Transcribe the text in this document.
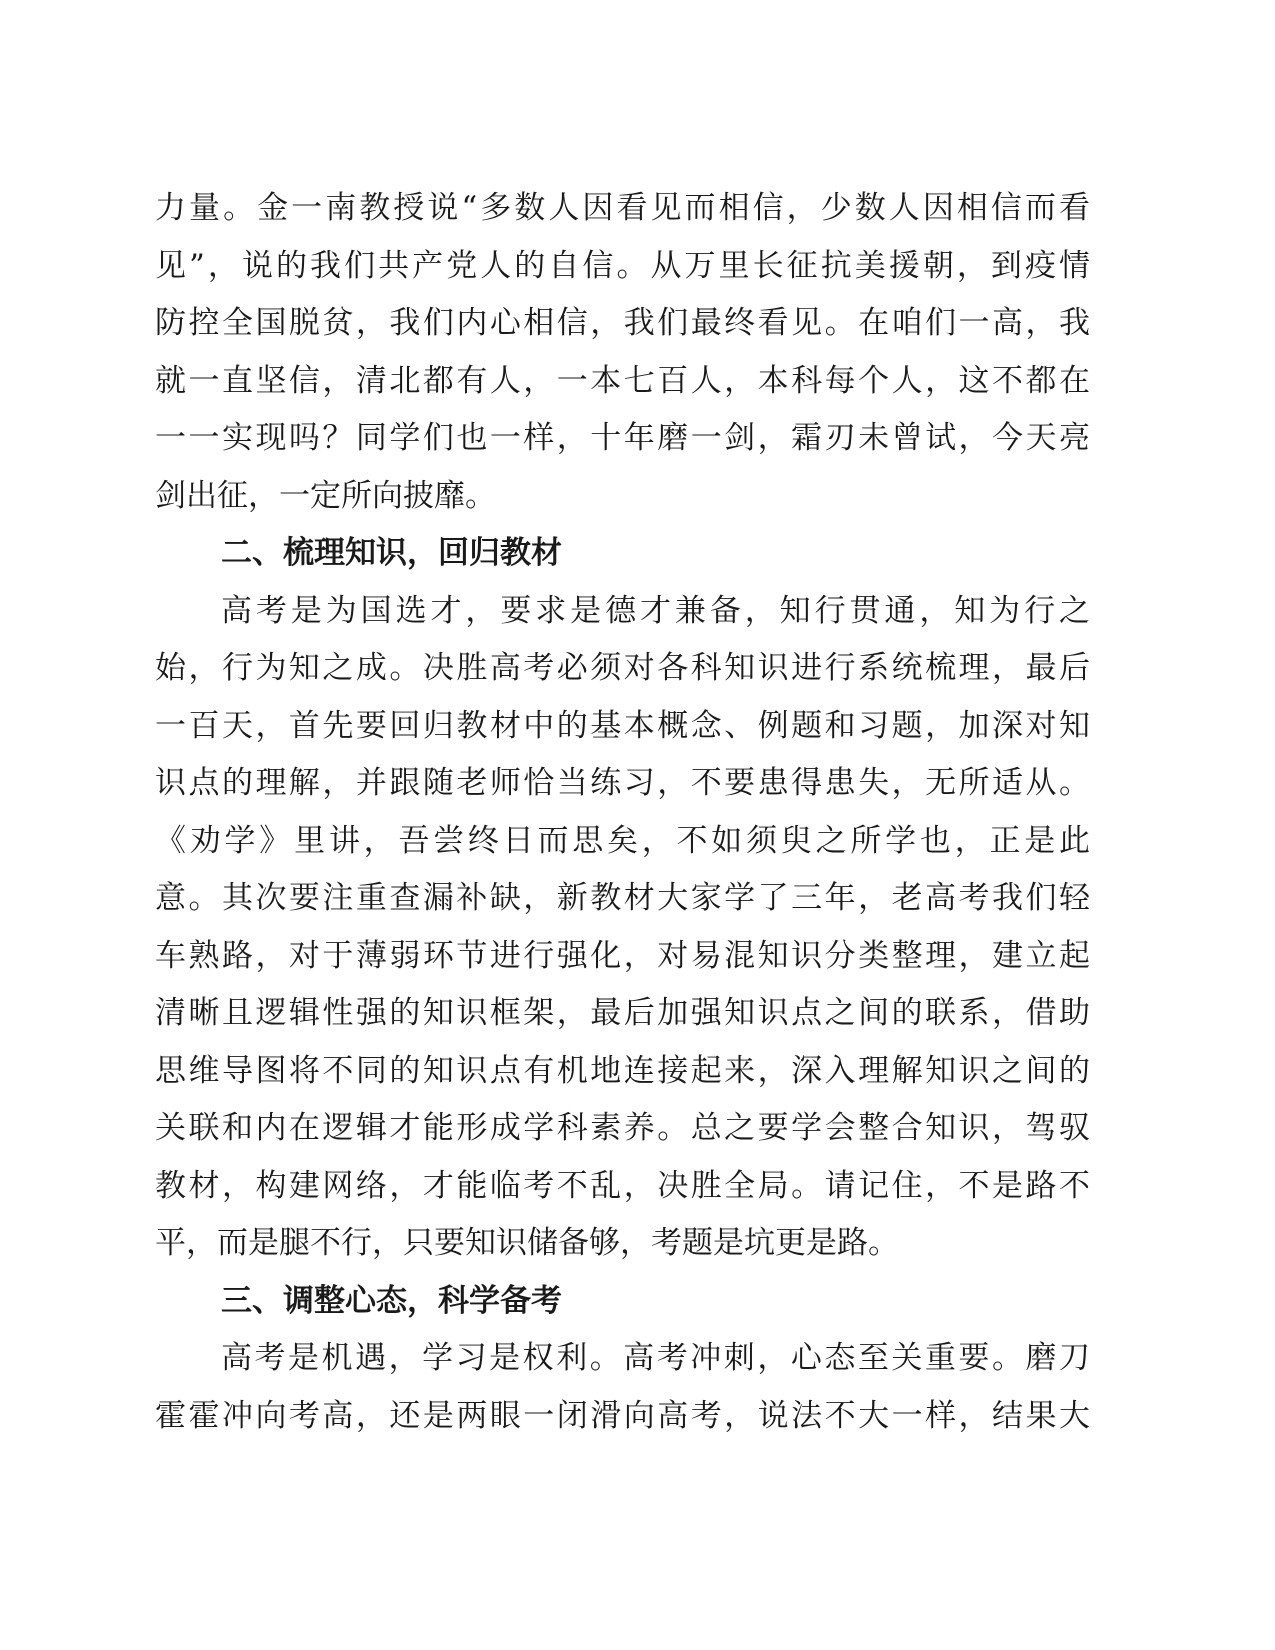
力量。金一南教授说“多数人因看见而相信，少数人因相信而看
见”，说的我们共产党人的自信。从万里长征抗美援朝，到疫情
防控全国脱贫，我们内心相信，我们最终看见。在咱们一高，我
就一直坚信，清北都有人，一本七百人，本科每个人，这不都在
一一实现吗？同学们也一样，十年磨一剑，霜刃未曾试，今天亮
剑出征，一定所向披靡。
二、梳理知识，回归教材
高考是为国选才，要求是德才兼备，知行贯通，知为行之
始，行为知之成。决胜高考必须对各科知识进行系统梳理，最后
一百天，首先要回归教材中的基本概念、例题和习题，加深对知
识点的理解，并跟随老师恰当练习，不要患得患失，无所适从。
《劝学》里讲，吾尝终日而思矣，不如须臾之所学也，正是此
意。其次要注重查漏补缺，新教材大家学了三年，老高考我们轻
车熟路，对于薄弱环节进行强化，对易混知识分类整理，建立起
清晰且逻辑性强的知识框架，最后加强知识点之间的联系，借助
思维导图将不同的知识点有机地连接起来，深入理解知识之间的
关联和内在逻辑才能形成学科素养。总之要学会整合知识，驾驭
教材，构建网络，才能临考不乱，决胜全局。请记住，不是路不
平，而是腿不行，只要知识储备够，考题是坑更是路。
三、调整心态，科学备考
高考是机遇，学习是权利。高考冲刺，心态至关重要。磨刀
霍霍冲向考高，还是两眼一闭滑向高考，说法不大一样，结果大
